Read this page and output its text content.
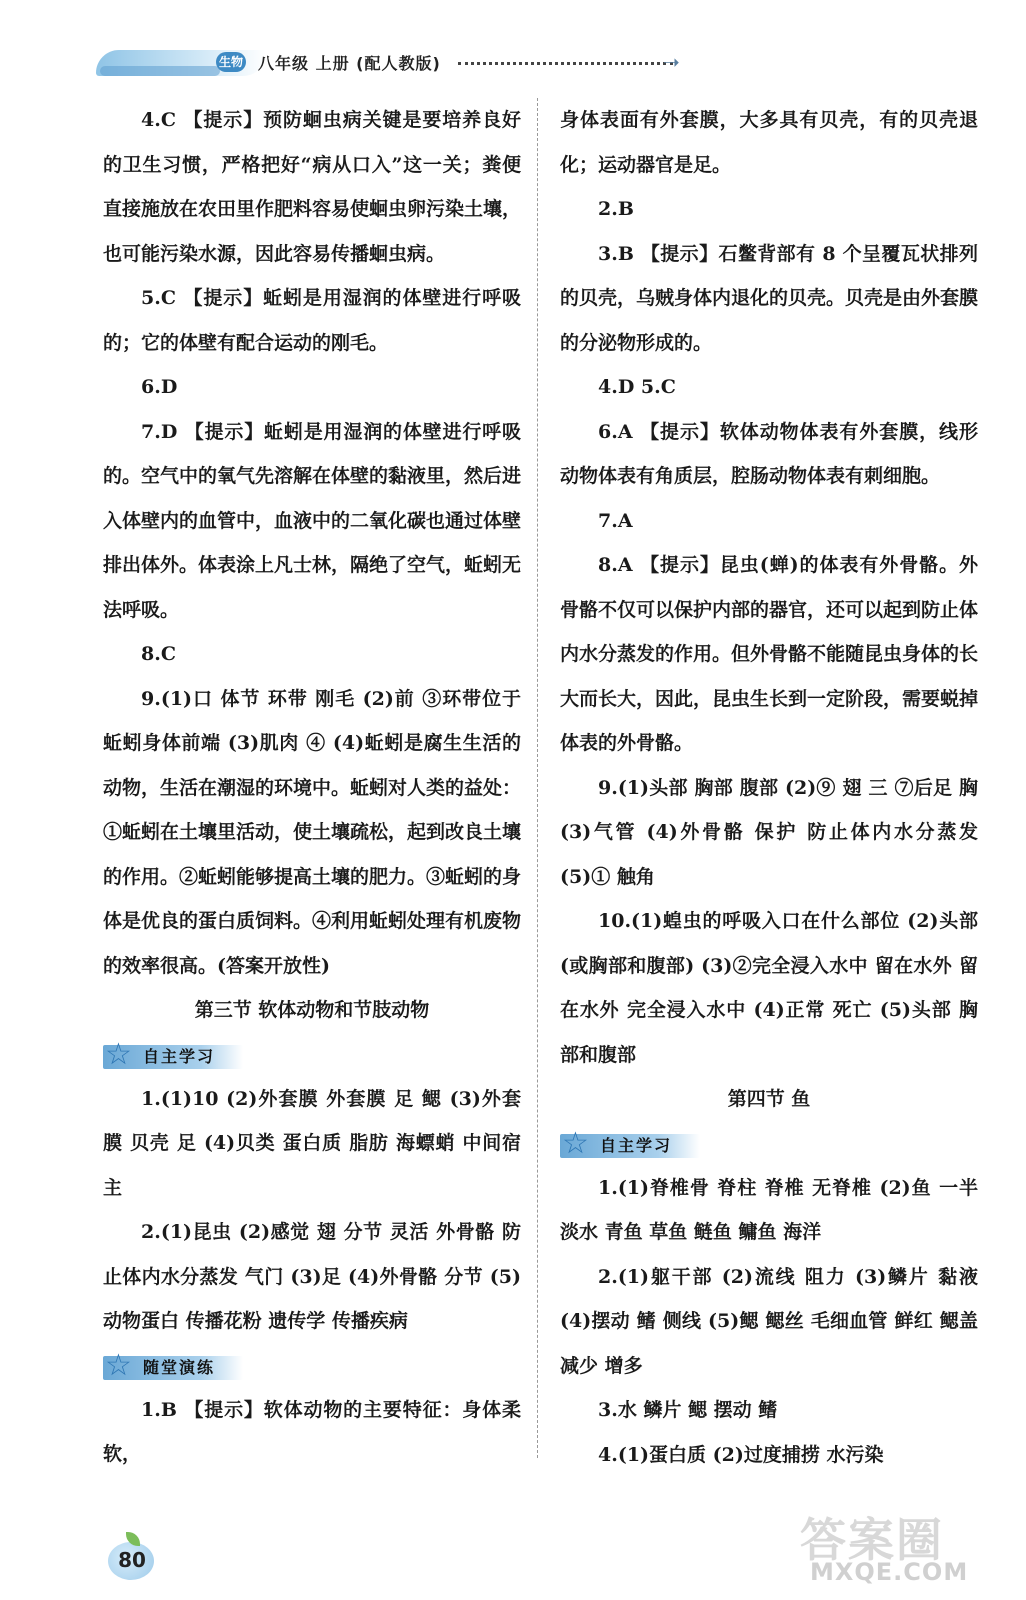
生物 八年级 上册 (配人教版)	➝

4.C 【提示】预防蛔虫病关键是要培养良好的卫生习惯，严格把好“病从口入”这一关；粪便直接施放在农田里作肥料容易使蛔虫卵污染土壤，也可能污染水源，因此容易传播蛔虫病。

5.C 【提示】蚯蚓是用湿润的体壁进行呼吸的；它的体壁有配合运动的刚毛。

6.D

7.D 【提示】蚯蚓是用湿润的体壁进行呼吸的。空气中的氧气先溶解在体壁的黏液里，然后进入体壁内的血管中，血液中的二氧化碳也通过体壁排出体外。体表涂上凡士林，隔绝了空气，蚯蚓无法呼吸。

8.C

9.(1)口 体节 环带 刚毛 (2)前 ③环带位于蚯蚓身体前端 (3)肌肉 ④ (4)蚯蚓是腐生生活的动物，生活在潮湿的环境中。蚯蚓对人类的益处：①蚯蚓在土壤里活动，使土壤疏松，起到改良土壤的作用。②蚯蚓能够提高土壤的肥力。③蚯蚓的身体是优良的蛋白质饲料。④利用蚯蚓处理有机废物的效率很高。(答案开放性)

第三节 软体动物和节肢动物

☆ 自主学习

1.(1)10 (2)外套膜 外套膜 足 鳃 (3)外套膜 贝壳 足 (4)贝类 蛋白质 脂肪 海螵蛸 中间宿主

2.(1)昆虫 (2)感觉 翅 分节 灵活 外骨骼 防止体内水分蒸发 气门 (3)足 (4)外骨骼 分节 (5)动物蛋白 传播花粉 遗传学 传播疾病

☆ 随堂演练

1.B 【提示】软体动物的主要特征：身体柔软，

身体表面有外套膜，大多具有贝壳，有的贝壳退化；运动器官是足。

2.B

3.B 【提示】石鳖背部有 8 个呈覆瓦状排列的贝壳，乌贼身体内退化的贝壳。贝壳是由外套膜的分泌物形成的。

4.D 5.C

6.A 【提示】软体动物体表有外套膜，线形动物体表有角质层，腔肠动物体表有刺细胞。

7.A

8.A 【提示】昆虫(蝉)的体表有外骨骼。外骨骼不仅可以保护内部的器官，还可以起到防止体内水分蒸发的作用。但外骨骼不能随昆虫身体的长大而长大，因此，昆虫生长到一定阶段，需要蜕掉体表的外骨骼。

9.(1)头部 胸部 腹部 (2)⑨ 翅 三 ⑦后足 胸 (3)气管 (4)外骨骼 保护 防止体内水分蒸发 (5)① 触角

10.(1)蝗虫的呼吸入口在什么部位 (2)头部(或胸部和腹部) (3)②完全浸入水中 留在水外 留在水外 完全浸入水中 (4)正常 死亡 (5)头部 胸部和腹部

第四节 鱼

☆ 自主学习

1.(1)脊椎骨 脊柱 脊椎 无脊椎 (2)鱼 一半 淡水 青鱼 草鱼 鲢鱼 鳙鱼 海洋

2.(1)躯干部 (2)流线 阻力 (3)鳞片 黏液 (4)摆动 鳍 侧线 (5)鳃 鳃丝 毛细血管 鲜红 鳃盖 减少 增多

3.水 鳞片 鳃 摆动 鳍

4.(1)蛋白质 (2)过度捕捞 水污染

80	答案圈
MXQE.COM
